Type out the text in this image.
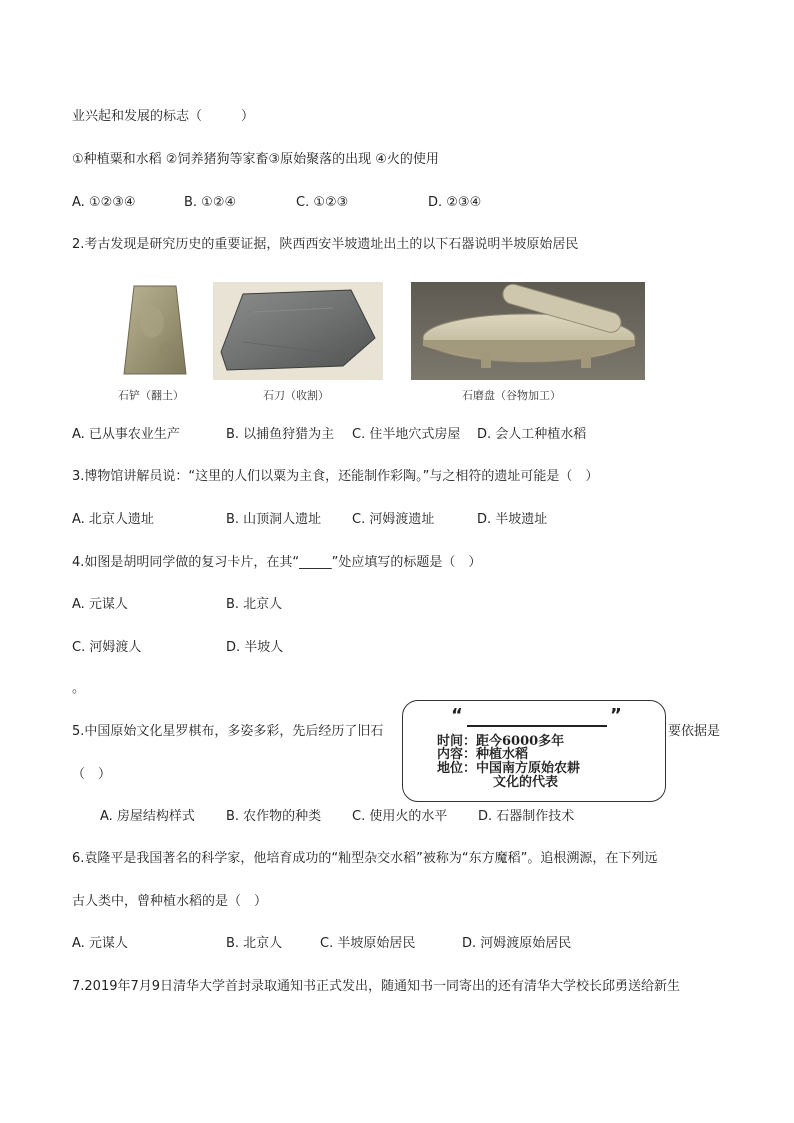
业兴起和发展的标志（　　　）
①种植粟和水稻 ②饲养猪狗等家畜③原始聚落的出现 ④火的使用
A. ①②③④	B. ①②④	C. ①②③	D. ②③④
2.考古发现是研究历史的重要证据，陕西西安半坡遗址出土的以下石器说明半坡原始居民
石铲（翻土）	石刀（收割）	石磨盘（谷物加工）
A. 已从事农业生产	B. 以捕鱼狩猎为主 C. 住半地穴式房屋 D. 会人工种植水稻
3.博物馆讲解员说：“这里的人们以粟为主食，还能制作彩陶。”与之相符的遗址可能是（　）
A. 北京人遗址	B. 山顶洞人遗址 C. 河姆渡遗址	D. 半坡遗址
4.如图是胡明同学做的复习卡片，在其“_____”处应填写的标题是（　）
A. 元谋人	B. 北京人
C. 河姆渡人	D. 半坡人
。
5.中国原始文化星罗棋布，多姿多彩，先后经历了旧石	要依据是
（　）
“	”
时间：距今6000多年
内容：种植水稻
地位：中国南方原始农耕
文化的代表
A. 房屋结构样式 B. 农作物的种类 C. 使用火的水平 D. 石器制作技术
6.袁隆平是我国著名的科学家，他培育成功的“籼型杂交水稻”被称为“东方魔稻”。追根溯源，在下列远
古人类中，曾种植水稻的是（　）
A. 元谋人	B. 北京人	C. 半坡原始居民	D. 河姆渡原始居民
7.2019年7月9日清华大学首封录取通知书正式发出，随通知书一同寄出的还有清华大学校长邱勇送给新生
